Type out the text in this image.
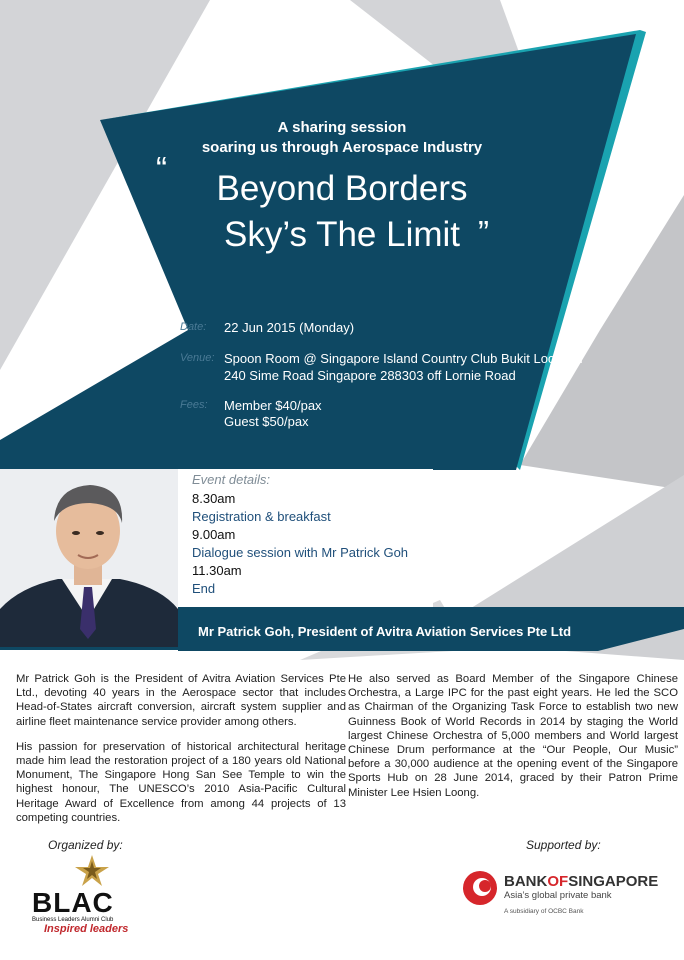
A sharing session
soaring us through Aerospace Industry
“
Beyond Borders
Sky’s The Limit ”
Date: 22 Jun 2015 (Monday)
Venue: Spoon Room @ Singapore Island Country Club Bukit Location
240 Sime Road Singapore 288303 off Lornie Road
Fees: Member $40/pax
Guest $50/pax
Event details:
8.30am
Registration & breakfast
9.00am
Dialogue session with Mr Patrick Goh
11.30am
End
Mr Patrick Goh, President of Avitra Aviation Services Pte Ltd

Mr Patrick Goh is the President of Avitra Aviation Services Pte Ltd., devoting 40 years in the Aerospace sector that includes Head-of-States aircraft conversion, aircraft system supplier and airline fleet maintenance service provider among others.

His passion for preservation of historical architectural heritage made him lead the restoration project of a 180 years old National Monument, The Singapore Hong San See Temple to win the highest honour, The UNESCO’s 2010 Asia-Pacific Cultural Heritage Award of Excellence from among 44 projects of 13 competing countries.

He also served as Board Member of the Singapore Chinese Orchestra, a Large IPC for the past eight years. He led the SCO as Chairman of the Organizing Task Force to establish two new Guinness Book of World Records in 2014 by staging the World largest Chinese Orchestra of 5,000 members and World largest Chinese Drum performance at the “Our People, Our Music” before a 30,000 audience at the opening event of the Singapore Sports Hub on 28 June 2014, graced by their Patron Prime Minister Lee Hsien Loong.

Organized by:	Supported by:
BLAC
Business Leaders Alumni Club
Inspired leaders
BANKOFSINGAPORE
Asia’s global private bank
A subsidiary of OCBC Bank
